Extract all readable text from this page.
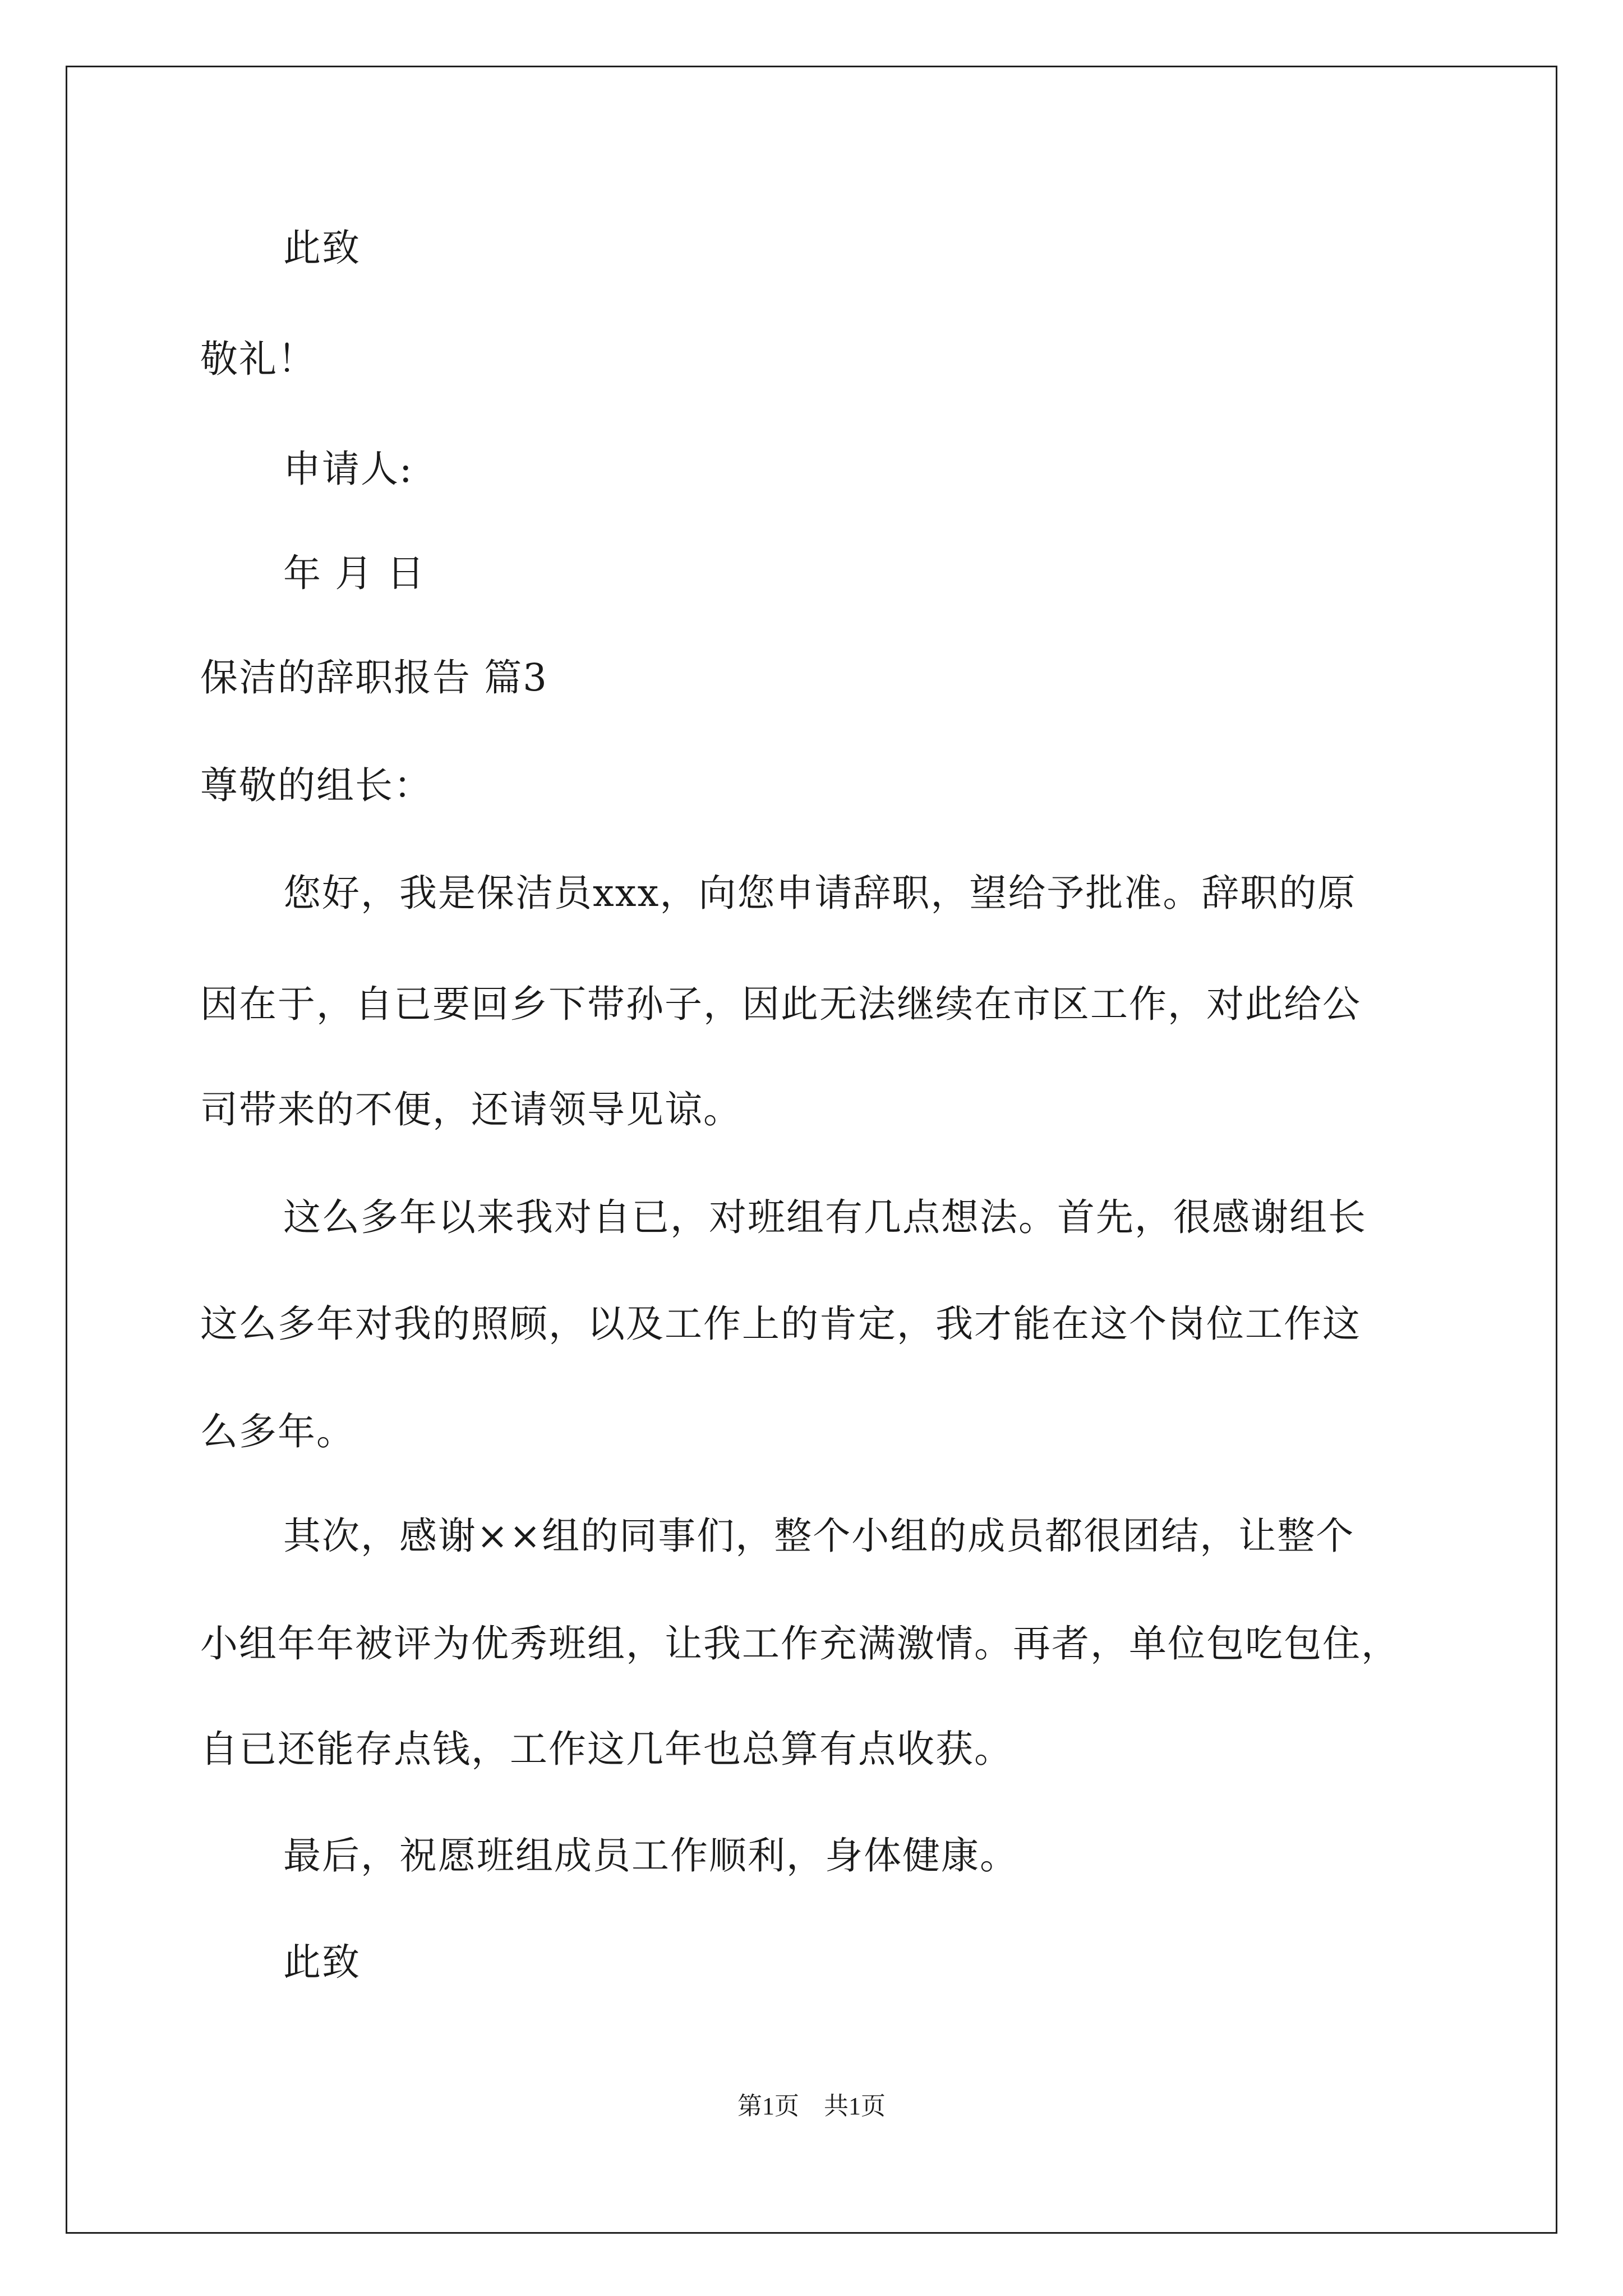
此致
敬礼！
申请人:
年 月 日
保洁的辞职报告 篇3
尊敬的组长：
您好，我是保洁员xxx，向您申请辞职，望给予批准。辞职的原
因在于，自已要回乡下带孙子，因此无法继续在市区工作，对此给公
司带来的不便，还请领导见谅。
这么多年以来我对自已，对班组有几点想法。首先，很感谢组长
这么多年对我的照顾，以及工作上的肯定，我才能在这个岗位工作这
么多年。
其次，感谢××组的同事们，整个小组的成员都很团结，让整个
小组年年被评为优秀班组，让我工作充满激情。再者，单位包吃包住，
自已还能存点钱，工作这几年也总算有点收获。
最后，祝愿班组成员工作顺利，身体健康。
此致
第1页　共1页
